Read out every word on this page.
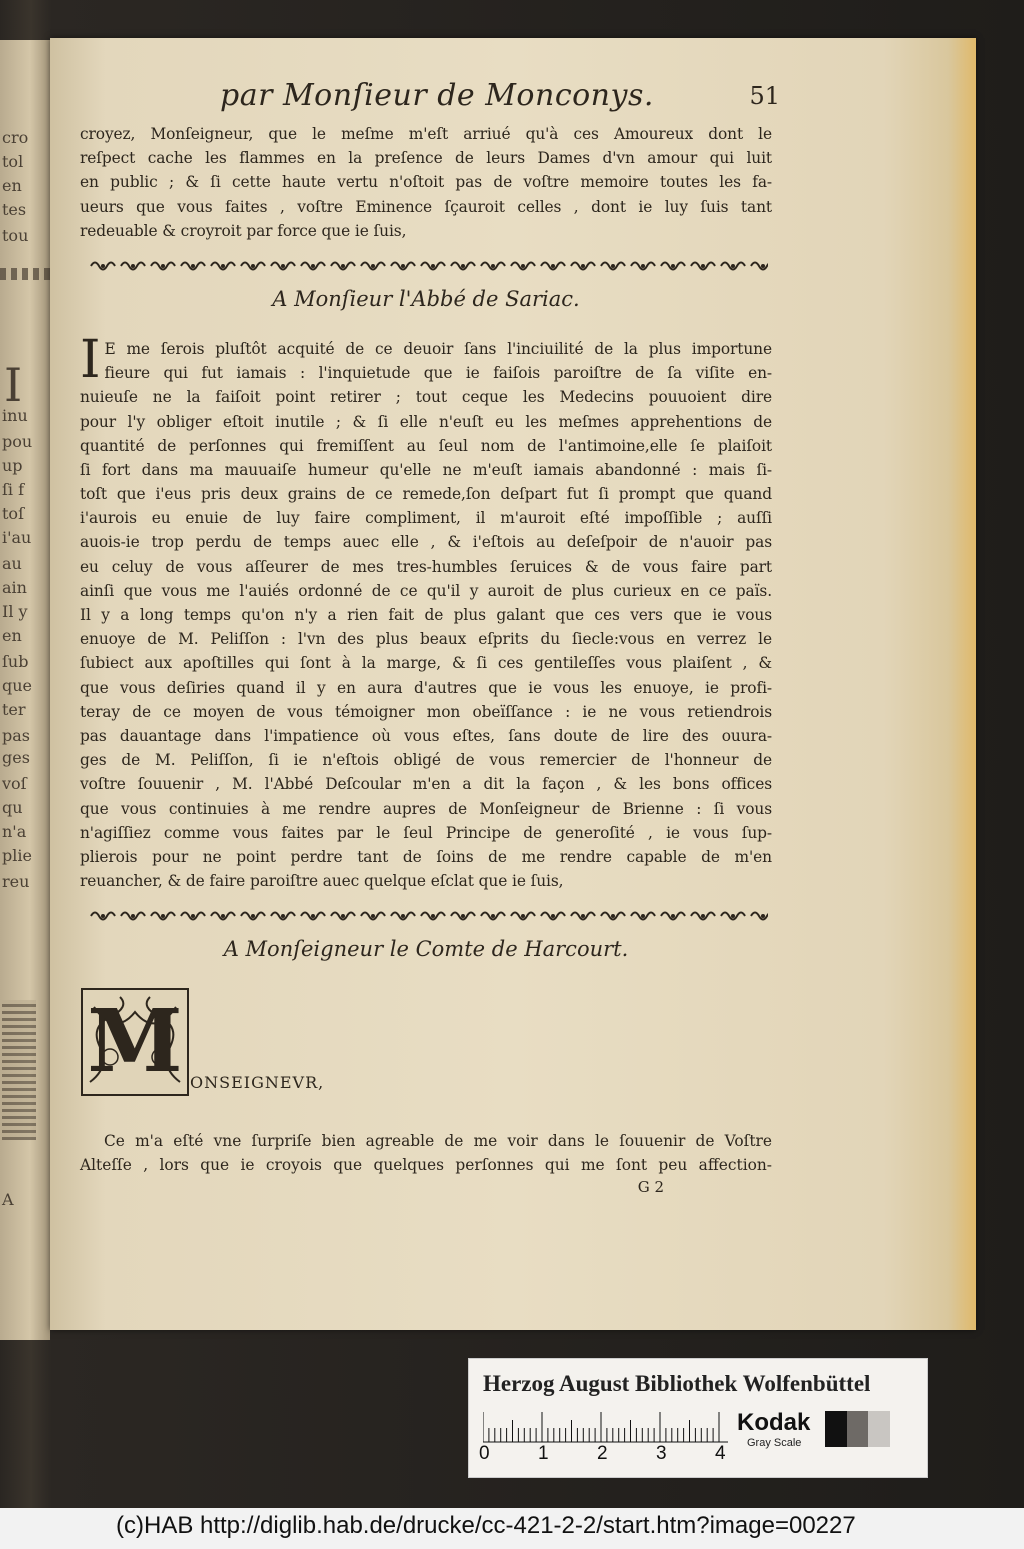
cro
tol
en
tes
tou
I
inu
pou
up
ſi f
toſ
i'au
au
ain
Il y
en
ſub
que
ter
pas
ges
voſ
qu
n'a
plie
reu
A
par Monſieur de Monconys.	51
croyez, Monſeigneur, que le meſme m'eſt arriué qu'à ces Amoureux dont le
reſpect cache les flammes en la preſence de leurs Dames d'vn amour qui luit
en public ; & ſi cette haute vertu n'oſtoit pas de voſtre memoire toutes les fa-
ueurs que vous faites , voſtre Eminence ſçauroit celles , dont ie luy ſuis tant
redeuable & croyroit par force que ie ſuis,
A Monſieur l'Abbé de Sariac.
I E me ſerois pluſtôt acquité de ce deuoir ſans l'inciuilité de la plus importune
fieure qui fut iamais : l'inquietude que ie faiſois paroiſtre de ſa viſite en-
nuieuſe ne la faiſoit point retirer ; tout ceque les Medecins pouuoient dire
pour l'y obliger eſtoit inutile ; & ſi elle n'euſt eu les meſmes apprehentions de
quantité de perſonnes qui fremiſſent au ſeul nom de l'antimoine,elle ſe plaiſoit
ſi fort dans ma mauuaiſe humeur qu'elle ne m'euſt iamais abandonné : mais ſi-
toſt que i'eus pris deux grains de ce remede,ſon deſpart fut ſi prompt que quand
i'aurois eu enuie de luy faire compliment, il m'auroit eſté impoſſible ; auſſi
auois-ie trop perdu de temps auec elle , & i'eſtois au deſeſpoir de n'auoir pas
eu celuy de vous aſſeurer de mes tres-humbles ſeruices & de vous faire part
ainſi que vous me l'auiés ordonné de ce qu'il y auroit de plus curieux en ce païs.
Il y a long temps qu'on n'y a rien fait de plus galant que ces vers que ie vous
enuoye de M. Peliſſon : l'vn des plus beaux eſprits du ſiecle:vous en verrez le
ſubiect aux apoſtilles qui ſont à la marge, & ſi ces gentileſſes vous plaiſent , &
que vous deſiries quand il y en aura d'autres que ie vous les enuoye, ie profi-
teray de ce moyen de vous témoigner mon obeïſſance : ie ne vous retiendrois
pas dauantage dans l'impatience où vous eſtes, ſans doute de lire des ouura-
ges de M. Peliſſon, ſi ie n'eſtois obligé de vous remercier de l'honneur de
voſtre ſouuenir , M. l'Abbé Deſcoular m'en a dit la façon , & les bons offices
que vous continuies à me rendre aupres de Monſeigneur de Brienne : ſi vous
n'agiſſiez comme vous faites par le ſeul Principe de generoſité , ie vous ſup-
plierois pour ne point perdre tant de ſoins de me rendre capable de m'en
reuancher, & de faire paroiſtre auec quelque eſclat que ie ſuis,
A Monſeigneur le Comte de Harcourt.
M ONSEIGNEVR,
Ce m'a eſté vne ſurpriſe bien agreable de me voir dans le ſouuenir de Voſtre
Alteſſe , lors que ie croyois que quelques perſonnes qui me ſont peu affection-
G 2
Herzog August Bibliothek Wolfenbüttel
0	1	2	3	4
Kodak
Gray Scale
(c)HAB http://diglib.hab.de/drucke/cc-421-2-2/start.htm?image=00227
